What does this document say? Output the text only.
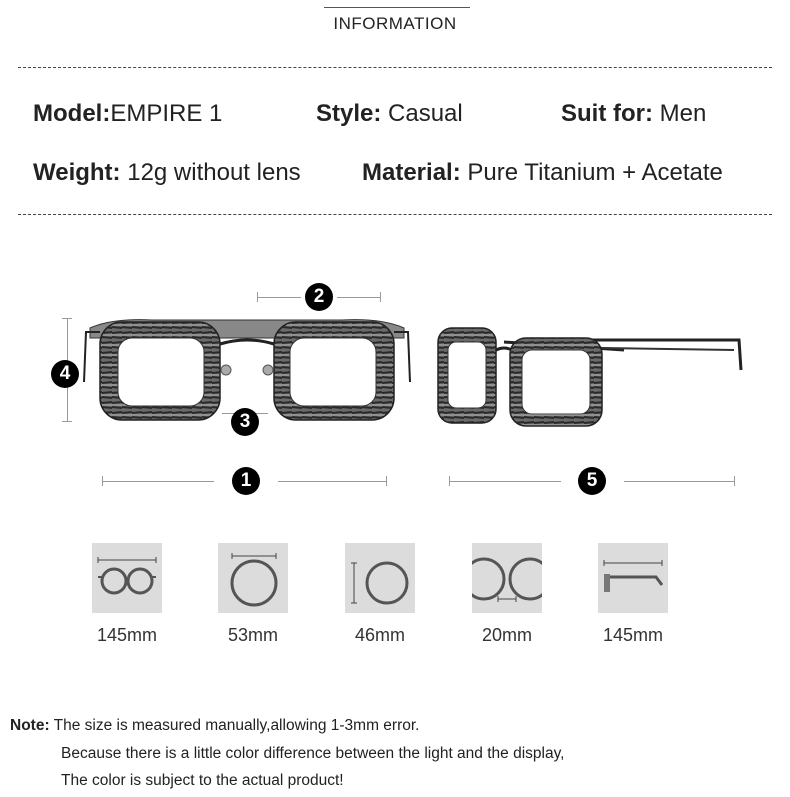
INFORMATION
Model:EMPIRE 1	Style: Casual	Suit for: Men
Weight: 12g without lens	Material: Pure Titanium + Acetate
2
4
3
1	5
145mm	53mm	46mm	20mm	145mm
Note: The size is measured manually,allowing 1-3mm error.
Because there is a little color difference between the light and the display,
The color is subject to the actual product!
